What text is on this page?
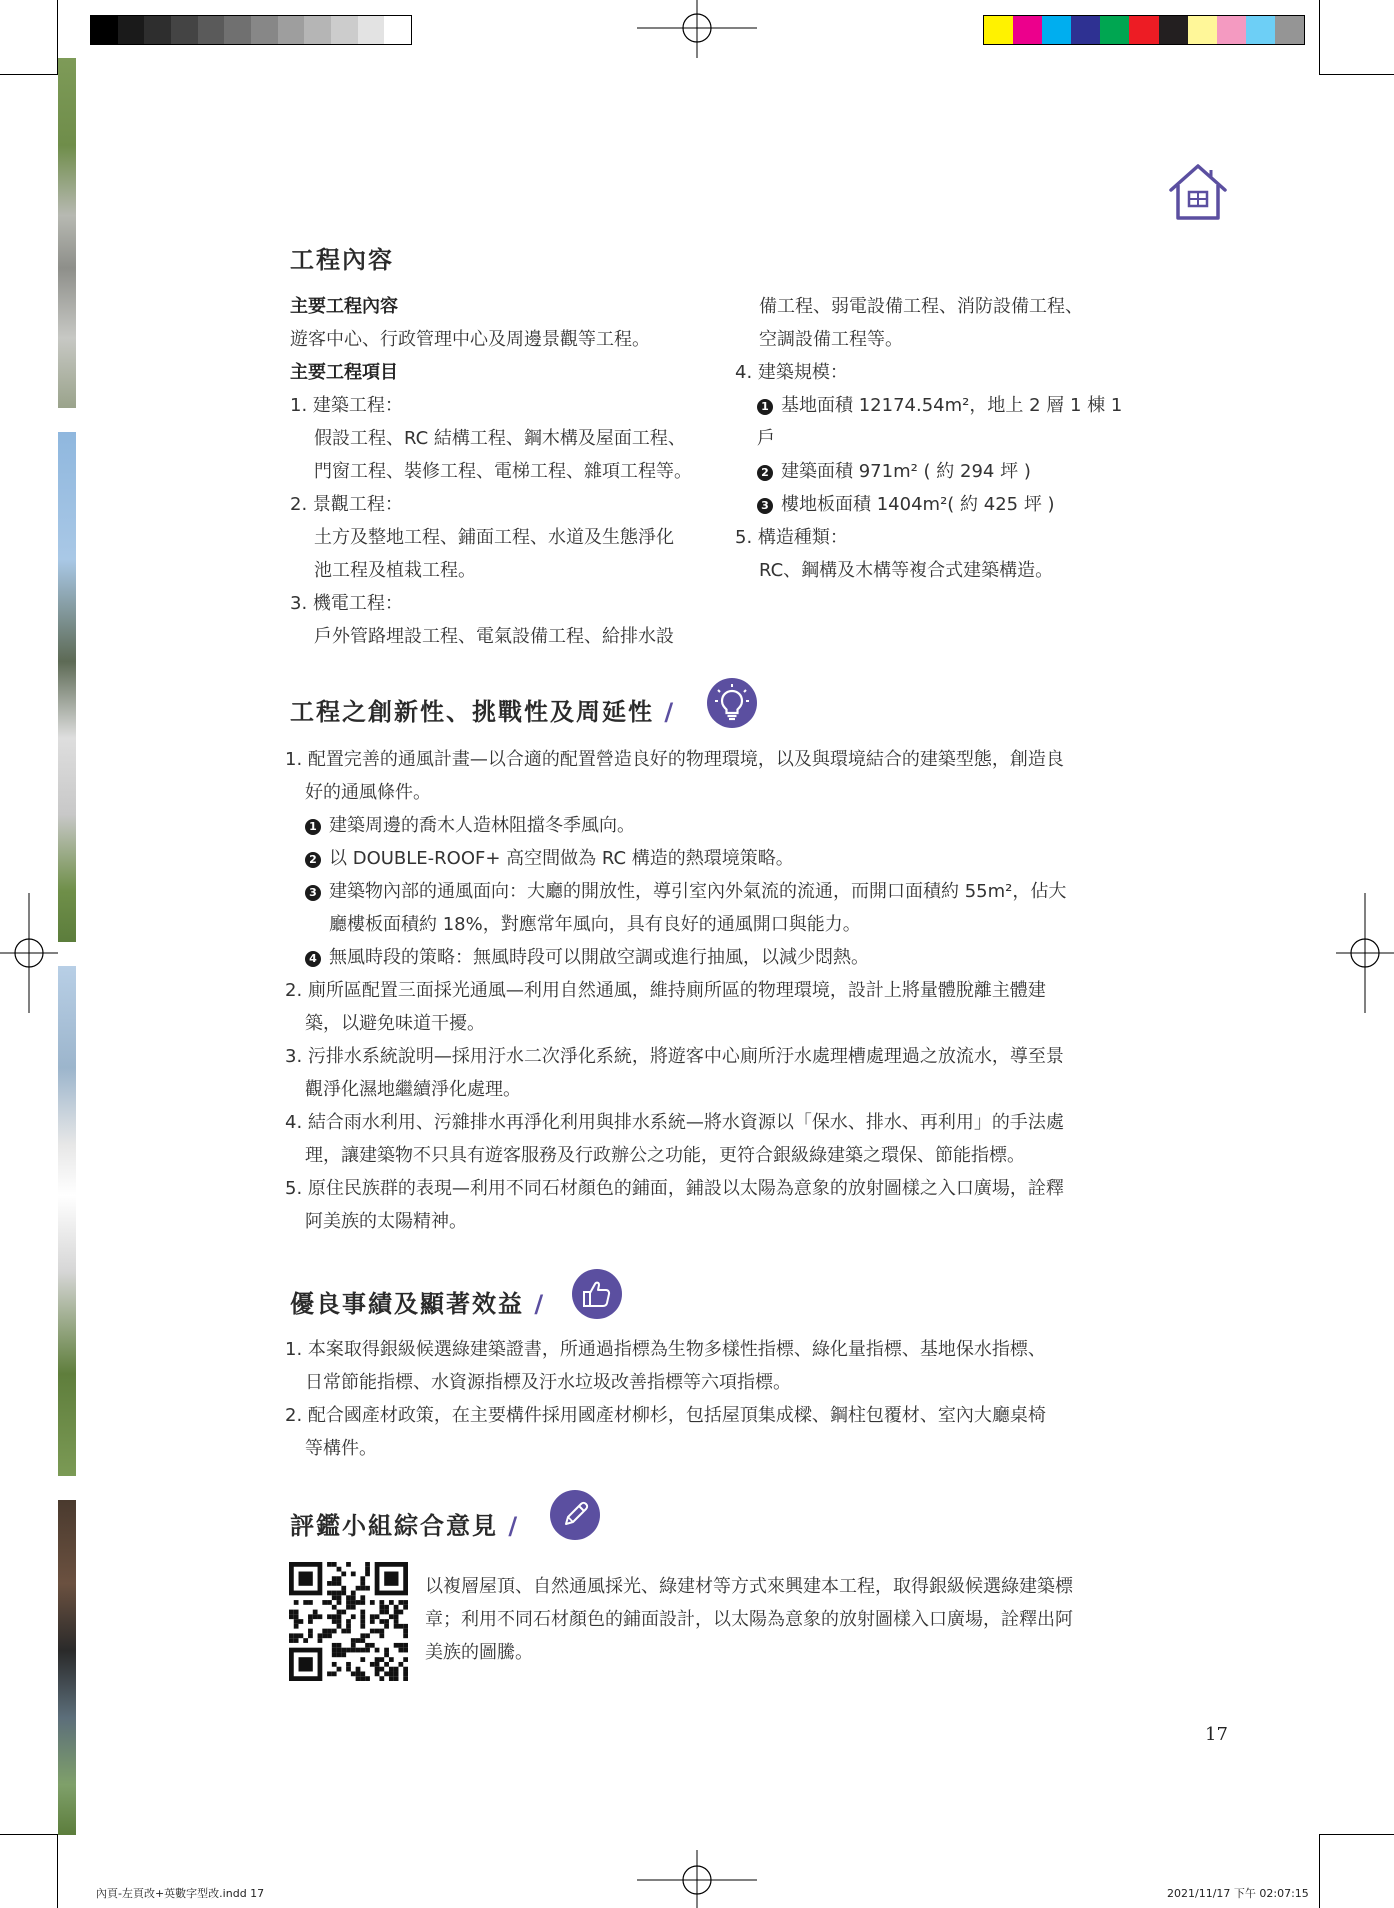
工程內容
主要工程內容
遊客中心、行政管理中心及周邊景觀等工程。
主要工程項目
1. 建築工程：
假設工程、RC 結構工程、鋼木構及屋面工程、
門窗工程、裝修工程、電梯工程、雜項工程等。
2. 景觀工程：
土方及整地工程、鋪面工程、水道及生態淨化
池工程及植栽工程。
3. 機電工程：
戶外管路埋設工程、電氣設備工程、給排水設
備工程、弱電設備工程、消防設備工程、
空調設備工程等。
4. 建築規模：
1 基地面積 12174.54m²，地上 2 層 1 棟 1 戶
2 建築面積 971m² ( 約 294 坪 )
3 樓地板面積 1404m²( 約 425 坪 )
5. 構造種類：
RC、鋼構及木構等複合式建築構造。
工程之創新性、挑戰性及周延性 /
1. 配置完善的通風計畫—以合適的配置營造良好的物理環境，以及與環境結合的建築型態，創造良
好的通風條件。
1 建築周邊的喬木人造林阻擋冬季風向。
2 以 DOUBLE-ROOF+ 高空間做為 RC 構造的熱環境策略。
3 建築物內部的通風面向：大廳的開放性，導引室內外氣流的流通，而開口面積約 55m²，佔大
廳樓板面積約 18%，對應常年風向，具有良好的通風開口與能力。
4 無風時段的策略：無風時段可以開啟空調或進行抽風，以減少悶熱。
2. 廁所區配置三面採光通風—利用自然通風，維持廁所區的物理環境，設計上將量體脫離主體建
築，以避免味道干擾。
3. 污排水系統說明—採用汙水二次淨化系統，將遊客中心廁所汙水處理槽處理過之放流水，導至景
觀淨化濕地繼續淨化處理。
4. 結合雨水利用、污雜排水再淨化利用與排水系統—將水資源以「保水、排水、再利用」的手法處
理，讓建築物不只具有遊客服務及行政辦公之功能，更符合銀級綠建築之環保、節能指標。
5. 原住民族群的表現—利用不同石材顏色的鋪面，鋪設以太陽為意象的放射圖樣之入口廣場，詮釋
阿美族的太陽精神。
優良事績及顯著效益 /
1. 本案取得銀級候選綠建築證書，所通過指標為生物多樣性指標、綠化量指標、基地保水指標、
日常節能指標、水資源指標及汙水垃圾改善指標等六項指標。
2. 配合國產材政策，在主要構件採用國產材柳杉，包括屋頂集成樑、鋼柱包覆材、室內大廳桌椅
等構件。
評鑑小組綜合意見 /
以複層屋頂、自然通風採光、綠建材等方式來興建本工程，取得銀級候選綠建築標
章；利用不同石材顏色的鋪面設計，以太陽為意象的放射圖樣入口廣場，詮釋出阿
美族的圖騰。
17
內頁-左頁改+英數字型改.indd 17	2021/11/17 下午 02:07:15
